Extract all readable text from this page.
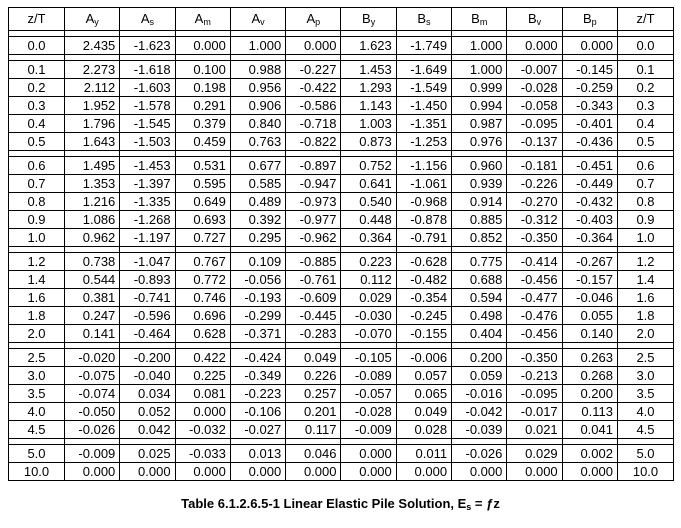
z/T	$A_y$	$A_s$	$A_m$	$A_v$	$A_p$	$B_y$	$B_s$	$B_m$	$B_v$	$B_p$	z/T

0.0	2.435	-1.623	0.000	1.000	0.000	1.623	-1.749	1.000	0.000	0.000	0.0

0.1	2.273	-1.618	0.100	0.988	-0.227	1.453	-1.649	1.000	-0.007	-0.145	0.1
0.2	2.112	-1.603	0.198	0.956	-0.422	1.293	-1.549	0.999	-0.028	-0.259	0.2
0.3	1.952	-1.578	0.291	0.906	-0.586	1.143	-1.450	0.994	-0.058	-0.343	0.3
0.4	1.796	-1.545	0.379	0.840	-0.718	1.003	-1.351	0.987	-0.095	-0.401	0.4
0.5	1.643	-1.503	0.459	0.763	-0.822	0.873	-1.253	0.976	-0.137	-0.436	0.5

0.6	1.495	-1.453	0.531	0.677	-0.897	0.752	-1.156	0.960	-0.181	-0.451	0.6
0.7	1.353	-1.397	0.595	0.585	-0.947	0.641	-1.061	0.939	-0.226	-0.449	0.7
0.8	1.216	-1.335	0.649	0.489	-0.973	0.540	-0.968	0.914	-0.270	-0.432	0.8
0.9	1.086	-1.268	0.693	0.392	-0.977	0.448	-0.878	0.885	-0.312	-0.403	0.9
1.0	0.962	-1.197	0.727	0.295	-0.962	0.364	-0.791	0.852	-0.350	-0.364	1.0

1.2	0.738	-1.047	0.767	0.109	-0.885	0.223	-0.628	0.775	-0.414	-0.267	1.2
1.4	0.544	-0.893	0.772	-0.056	-0.761	0.112	-0.482	0.688	-0.456	-0.157	1.4
1.6	0.381	-0.741	0.746	-0.193	-0.609	0.029	-0.354	0.594	-0.477	-0.046	1.6
1.8	0.247	-0.596	0.696	-0.299	-0.445	-0.030	-0.245	0.498	-0.476	0.055	1.8
2.0	0.141	-0.464	0.628	-0.371	-0.283	-0.070	-0.155	0.404	-0.456	0.140	2.0

2.5	-0.020	-0.200	0.422	-0.424	0.049	-0.105	-0.006	0.200	-0.350	0.263	2.5
3.0	-0.075	-0.040	0.225	-0.349	0.226	-0.089	0.057	0.059	-0.213	0.268	3.0
3.5	-0.074	0.034	0.081	-0.223	0.257	-0.057	0.065	-0.016	-0.095	0.200	3.5
4.0	-0.050	0.052	0.000	-0.106	0.201	-0.028	0.049	-0.042	-0.017	0.113	4.0
4.5	-0.026	0.042	-0.032	-0.027	0.117	-0.009	0.028	-0.039	0.021	0.041	4.5

5.0	-0.009	0.025	-0.033	0.013	0.046	0.000	0.011	-0.026	0.029	0.002	5.0
10.0	0.000	0.000	0.000	0.000	0.000	0.000	0.000	0.000	0.000	0.000	10.0
Table 6.1.2.6.5-1 Linear Elastic Pile Solution, $E_s$ = ƒz
